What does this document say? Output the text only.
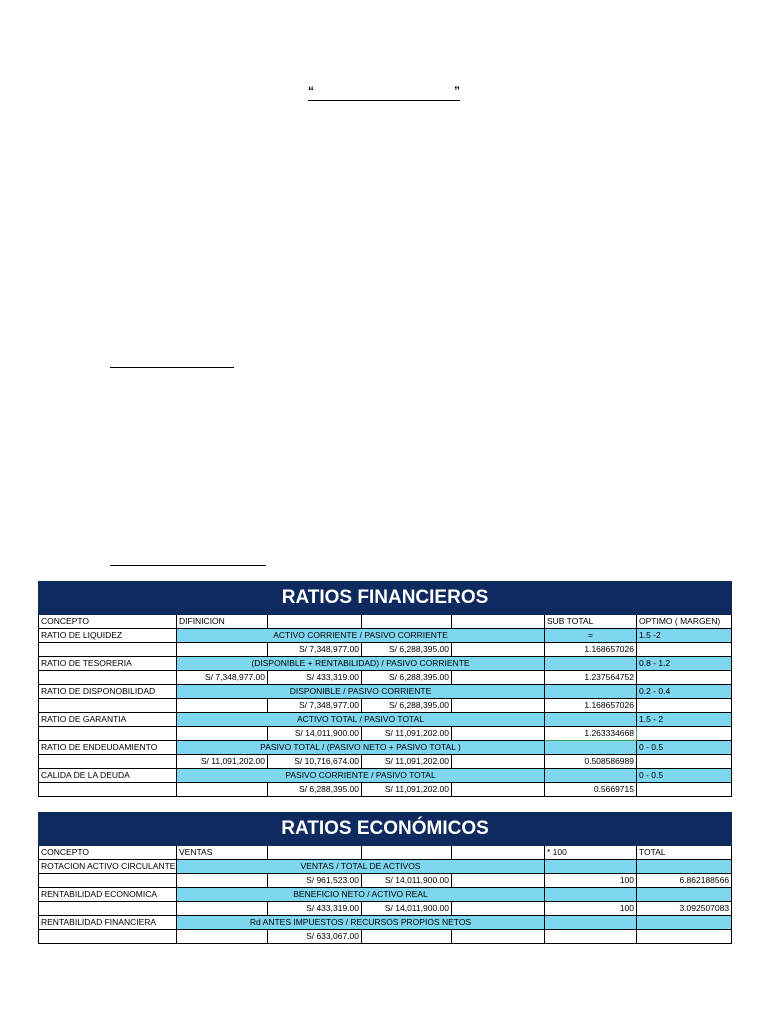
“	”
RATIOS FINANCIEROS						
CONCEPTO	DIFINICION				SUB TOTAL	OPTIMO ( MARGEN)
RATIO DE LIQUIDEZ	ACTIVO CORRIENTE / PASIVO CORRIENTE				=	1.5 -2
		S/ 7,348,977.00	S/ 6,288,395.00		1.168657026	
RATIO DE TESORERIA	(DISPONIBLE + RENTABILIDAD) / PASIVO CORRIENTE					0.8 - 1.2
	S/ 7,348,977.00	S/ 433,319.00	S/ 6,288,395.00		1.237564752	
RATIO DE DISPONOBILIDAD	DISPONIBLE / PASIVO CORRIENTE					0.2 - 0.4
		S/ 7,348,977.00	S/ 6,288,395.00		1.168657026	
RATIO DE GARANTIA	ACTIVO TOTAL / PASIVO TOTAL					1.5 - 2
		S/ 14,011,900.00	S/ 11,091,202.00		1.263334668	
RATIO DE ENDEUDAMIENTO	PASIVO TOTAL / (PASIVO NETO + PASIVO TOTAL )					0 - 0.5
	S/ 11,091,202.00	S/ 10,716,674.00	S/ 11,091,202.00		0.508586989	
CALIDA DE LA DEUDA	PASIVO CORRIENTE / PASIVO TOTAL					0 - 0.5
		S/ 6,288,395.00	S/ 11,091,202.00		0.5669715	
RATIOS ECONÓMICOS						
CONCEPTO	VENTAS				* 100	TOTAL
ROTACION ACTIVO CIRCULANTE	VENTAS / TOTAL DE ACTIVOS					
		S/ 961,523.00	S/ 14,011,900.00		100	6.862188566
RENTABILIDAD ECONOMICA	BENEFICIO NETO / ACTIVO REAL					
		S/ 433,319.00	S/ 14,011,900.00		100	3.092507083
RENTABILIDAD FINANCIERA	Rd ANTES IMPUESTOS / RECURSOS PROPIOS NETOS					
		S/ 633,067.00				
